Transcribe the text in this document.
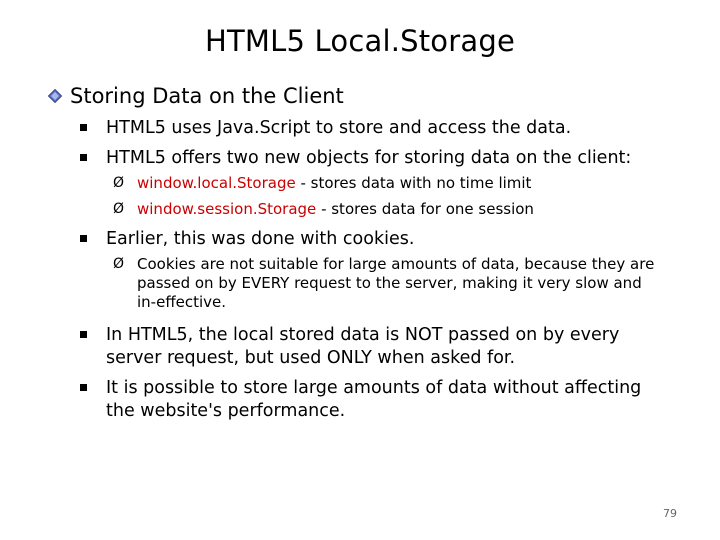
HTML5 Local.Storage
Storing Data on the Client
HTML5 uses Java.Script to store and access the data.
HTML5 offers two new objects for storing data on the client:
Ø window.local.Storage - stores data with no time limit
Ø window.session.Storage - stores data for one session
Earlier, this was done with cookies.
Ø Cookies are not suitable for large amounts of data, because they are passed on by EVERY request to the server, making it very slow and in-effective.
In HTML5, the local stored data is NOT passed on by every server request, but used ONLY when asked for.
It is possible to store large amounts of data without affecting the website's performance.
79
